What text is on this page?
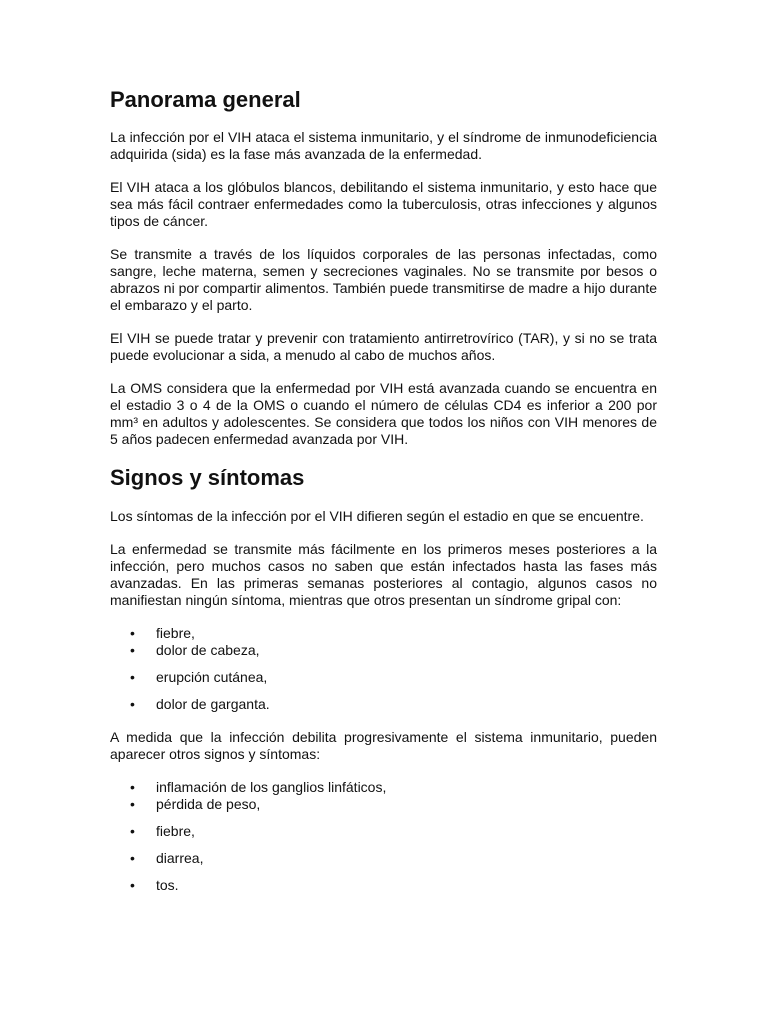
Panorama general

La infección por el VIH ataca el sistema inmunitario, y el síndrome de inmunodeficiencia adquirida (sida) es la fase más avanzada de la enfermedad.

El VIH ataca a los glóbulos blancos, debilitando el sistema inmunitario, y esto hace que sea más fácil contraer enfermedades como la tuberculosis, otras infecciones y algunos tipos de cáncer.

Se transmite a través de los líquidos corporales de las personas infectadas, como sangre, leche materna, semen y secreciones vaginales. No se transmite por besos o abrazos ni por compartir alimentos. También puede transmitirse de madre a hijo durante el embarazo y el parto.

El VIH se puede tratar y prevenir con tratamiento antirretrovírico (TAR), y si no se trata puede evolucionar a sida, a menudo al cabo de muchos años.

La OMS considera que la enfermedad por VIH está avanzada cuando se encuentra en el estadio 3 o 4 de la OMS o cuando el número de células CD4 es inferior a 200 por mm³ en adultos y adolescentes. Se considera que todos los niños con VIH menores de 5 años padecen enfermedad avanzada por VIH.

Signos y síntomas

Los síntomas de la infección por el VIH difieren según el estadio en que se encuentre.

La enfermedad se transmite más fácilmente en los primeros meses posteriores a la infección, pero muchos casos no saben que están infectados hasta las fases más avanzadas. En las primeras semanas posteriores al contagio, algunos casos no manifiestan ningún síntoma, mientras que otros presentan un síndrome gripal con:

• fiebre,
• dolor de cabeza,
• erupción cutánea,
• dolor de garganta.

A medida que la infección debilita progresivamente el sistema inmunitario, pueden aparecer otros signos y síntomas:

• inflamación de los ganglios linfáticos,
• pérdida de peso,
• fiebre,
• diarrea,
• tos.
